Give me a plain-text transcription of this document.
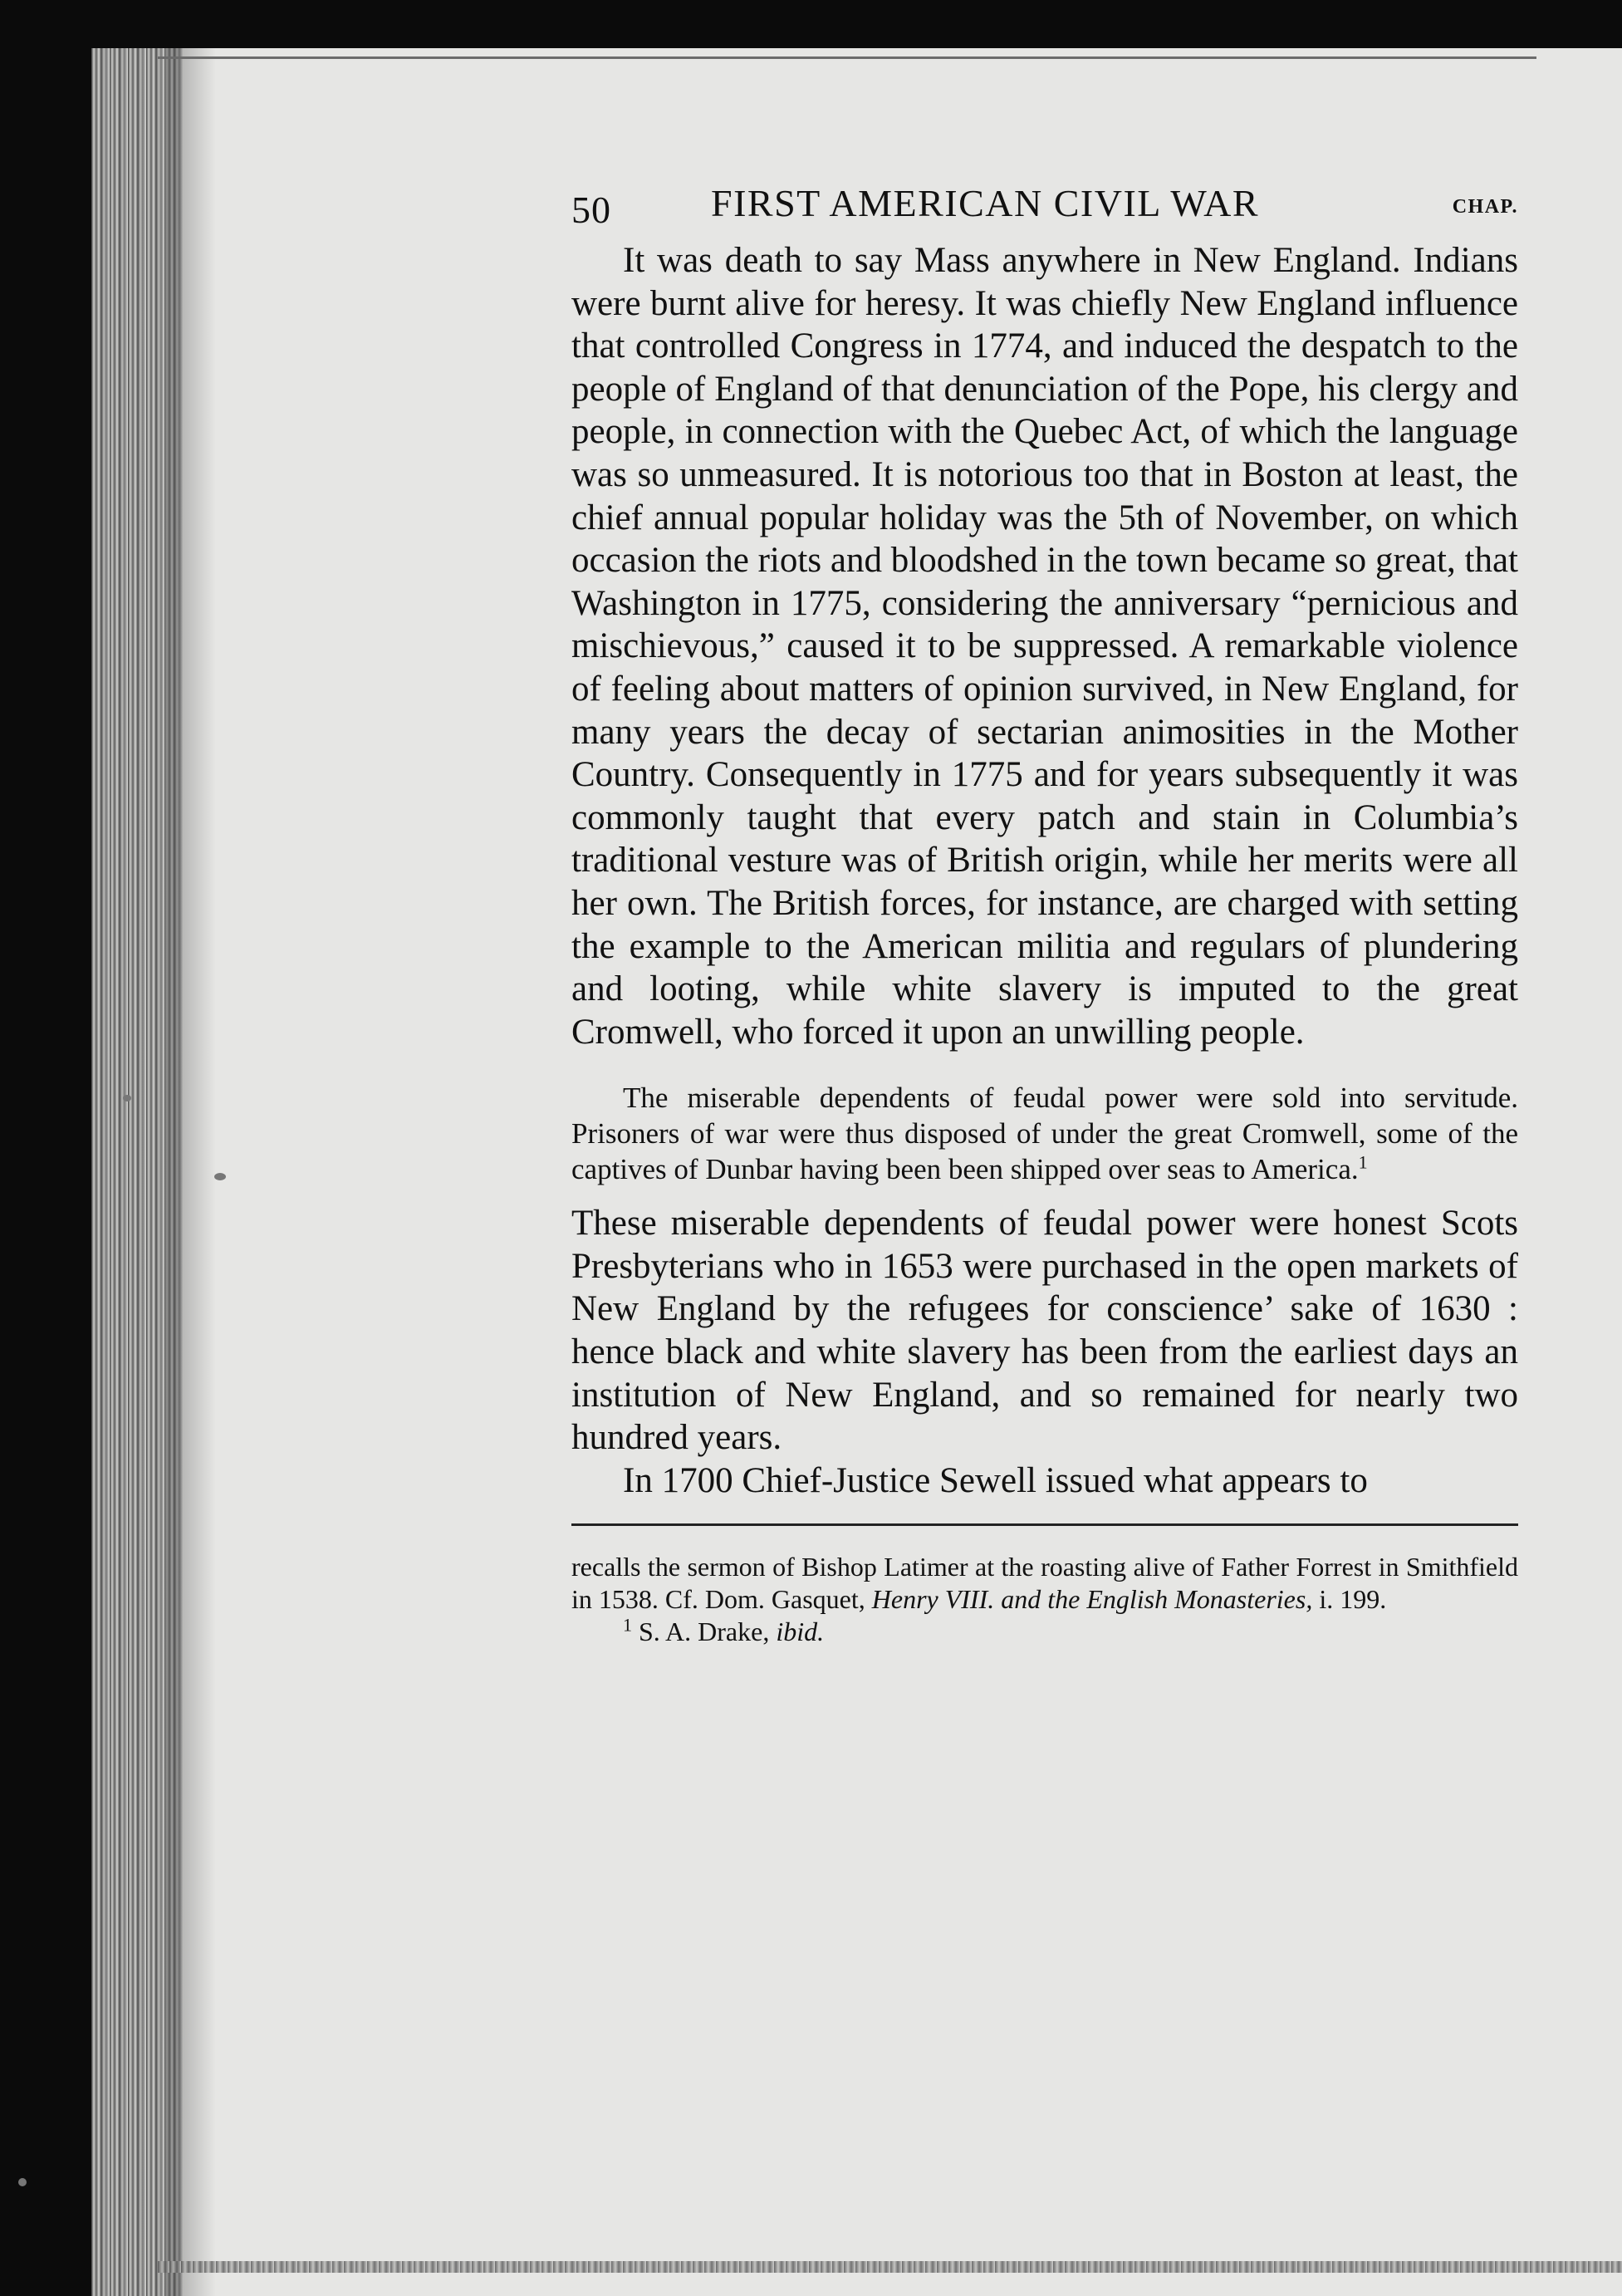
50	FIRST AMERICAN CIVIL WAR	CHAP.

It was death to say Mass anywhere in New England. Indians were burnt alive for heresy. It was chiefly New England influence that controlled Congress in 1774, and induced the despatch to the people of England of that denunciation of the Pope, his clergy and people, in connection with the Quebec Act, of which the language was so unmeasured. It is notorious too that in Boston at least, the chief annual popular holiday was the 5th of November, on which occasion the riots and bloodshed in the town became so great, that Washington in 1775, considering the anniversary “pernicious and mischievous,” caused it to be suppressed. A remarkable violence of feeling about matters of opinion survived, in New England, for many years the decay of sectarian animosities in the Mother Country. Consequently in 1775 and for years subsequently it was commonly taught that every patch and stain in Columbia’s traditional vesture was of British origin, while her merits were all her own. The British forces, for instance, are charged with setting the example to the American militia and regulars of plundering and looting, while white slavery is imputed to the great Cromwell, who forced it upon an unwilling people.

The miserable dependents of feudal power were sold into servitude. Prisoners of war were thus disposed of under the great Cromwell, some of the captives of Dunbar having been been shipped over seas to America.$^1$

These miserable dependents of feudal power were honest Scots Presbyterians who in 1653 were purchased in the open markets of New England by the refugees for conscience’ sake of 1630 : hence black and white slavery has been from the earliest days an institution of New England, and so remained for nearly two hundred years.

In 1700 Chief-Justice Sewell issued what appears to

recalls the sermon of Bishop Latimer at the roasting alive of Father Forrest in Smithfield in 1538. Cf. Dom. Gasquet, Henry VIII. and the English Monasteries, i. 199.

$^1$ S. A. Drake, ibid.
